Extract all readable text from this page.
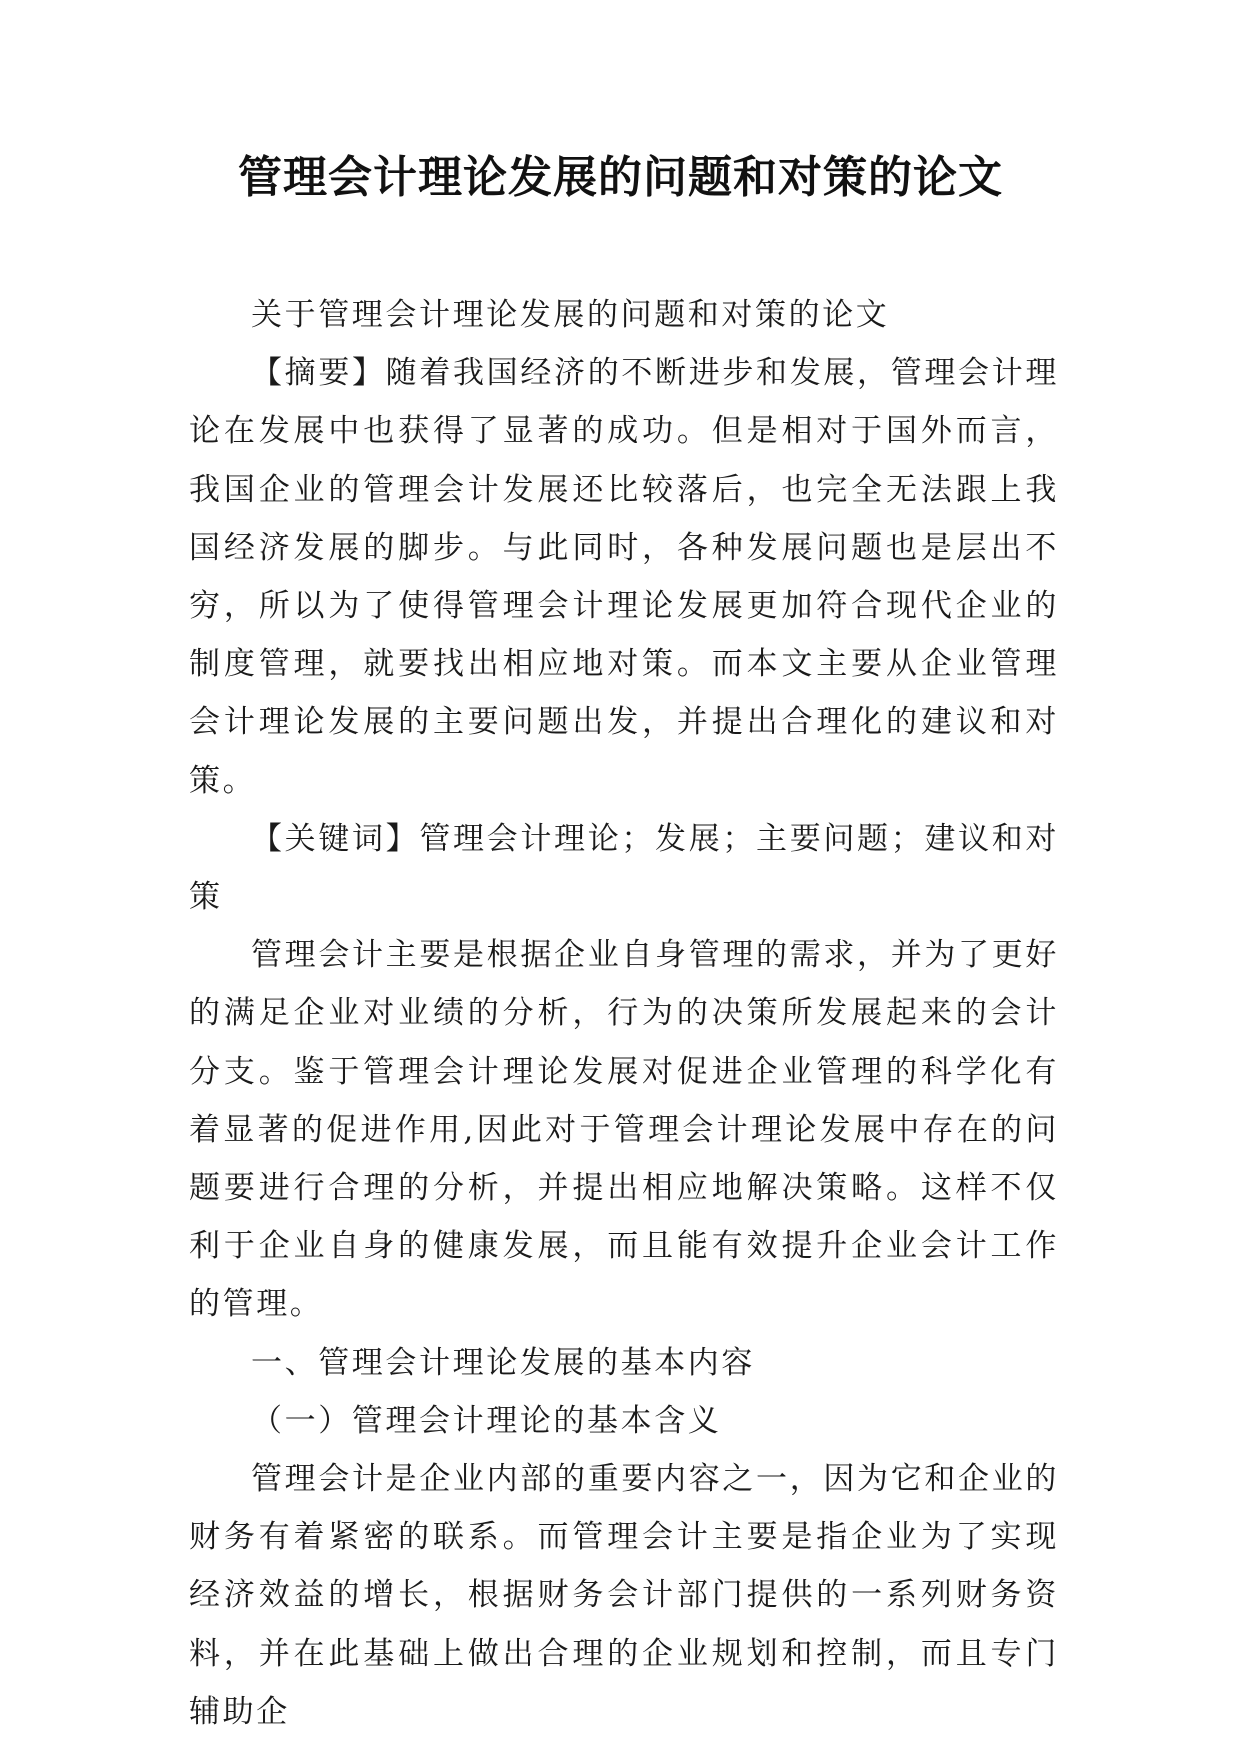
管理会计理论发展的问题和对策的论文

关于管理会计理论发展的问题和对策的论文

【摘要】随着我国经济的不断进步和发展，管理会计理论在发展中也获得了显著的成功。但是相对于国外而言，我国企业的管理会计发展还比较落后，也完全无法跟上我国经济发展的脚步。与此同时，各种发展问题也是层出不穷，所以为了使得管理会计理论发展更加符合现代企业的制度管理，就要找出相应地对策。而本文主要从企业管理会计理论发展的主要问题出发，并提出合理化的建议和对策。

【关键词】管理会计理论；发展；主要问题；建议和对策

管理会计主要是根据企业自身管理的需求，并为了更好的满足企业对业绩的分析，行为的决策所发展起来的会计分支。鉴于管理会计理论发展对促进企业管理的科学化有着显著的促进作用,因此对于管理会计理论发展中存在的问题要进行合理的分析，并提出相应地解决策略。这样不仅利于企业自身的健康发展，而且能有效提升企业会计工作的管理。

一、管理会计理论发展的基本内容

（一）管理会计理论的基本含义

管理会计是企业内部的重要内容之一，因为它和企业的财务有着紧密的联系。而管理会计主要是指企业为了实现经济效益的增长，根据财务会计部门提供的一系列财务资料，并在此基础上做出合理的企业规划和控制，而且专门辅助企
